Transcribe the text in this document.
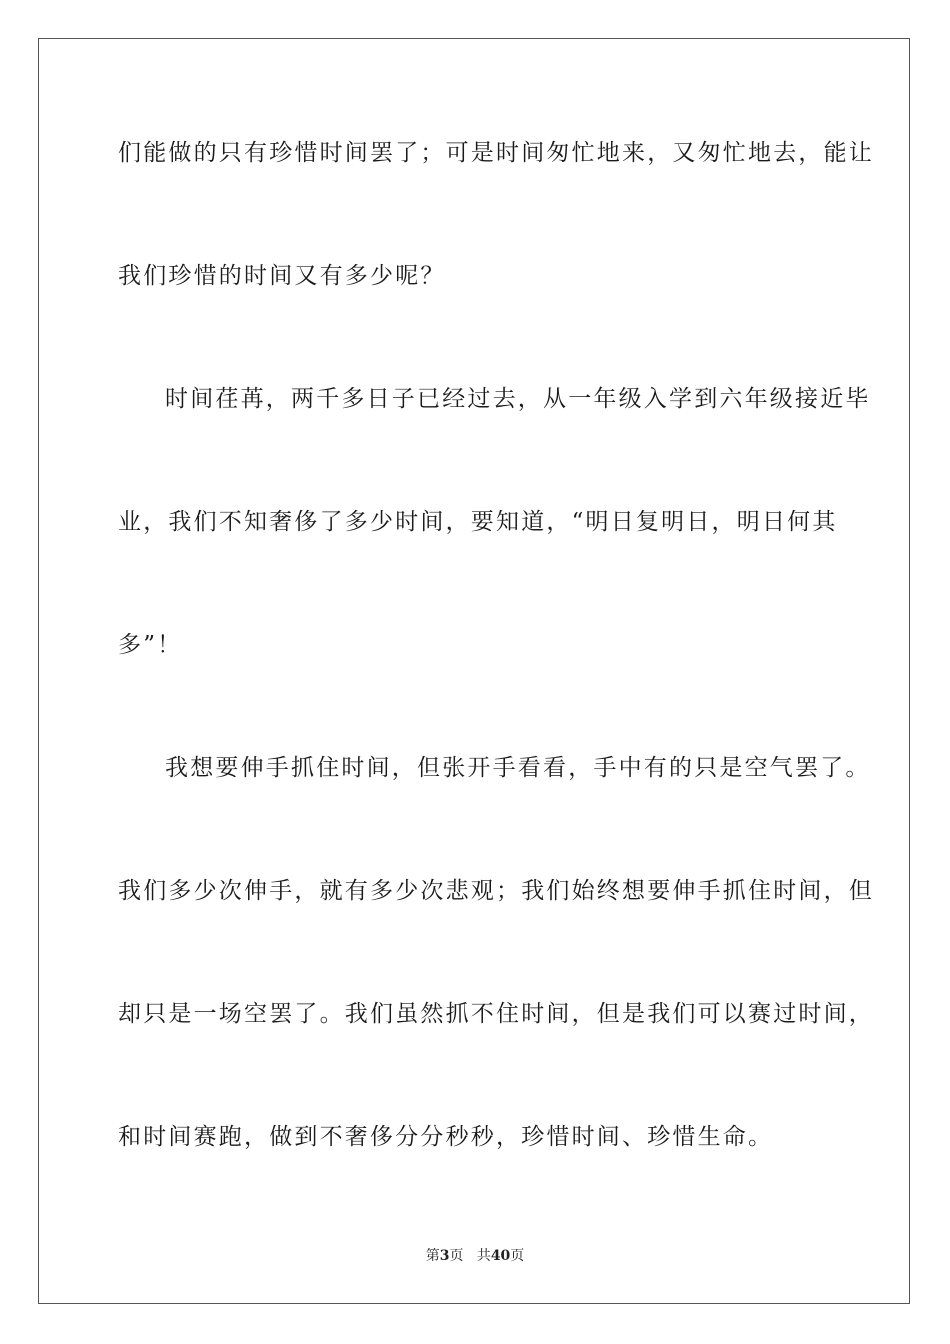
们能做的只有珍惜时间罢了；可是时间匆忙地来，又匆忙地去，能让
我们珍惜的时间又有多少呢？
时间荏苒，两千多日子已经过去，从一年级入学到六年级接近毕
业，我们不知奢侈了多少时间，要知道，“明日复明日，明日何其
多”！
我想要伸手抓住时间，但张开手看看，手中有的只是空气罢了。
我们多少次伸手，就有多少次悲观；我们始终想要伸手抓住时间，但
却只是一场空罢了。我们虽然抓不住时间，但是我们可以赛过时间，
和时间赛跑，做到不奢侈分分秒秒，珍惜时间、珍惜生命。
第3页 共40页
